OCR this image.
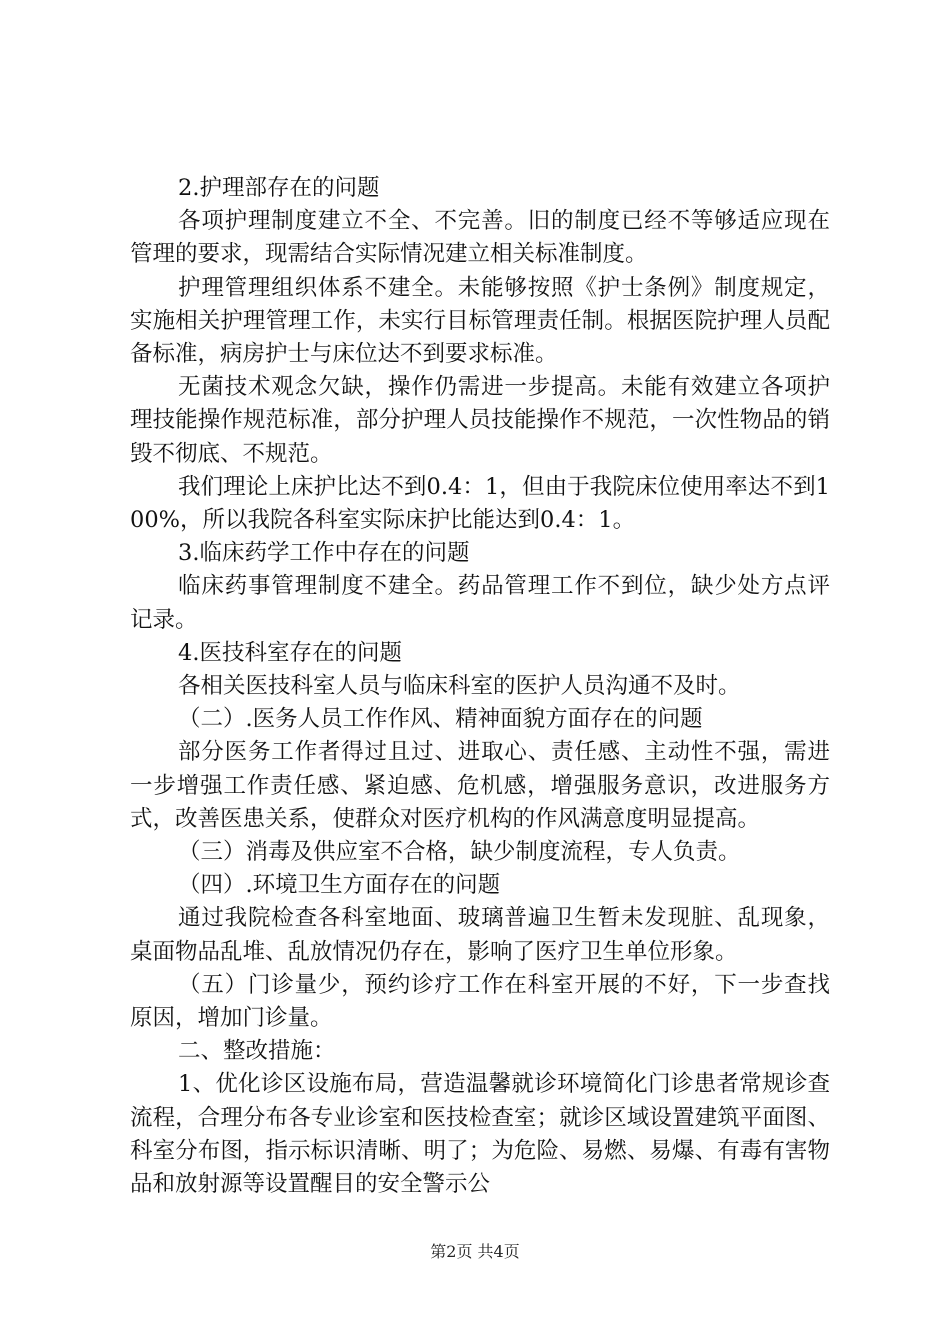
2.护理部存在的问题

各项护理制度建立不全、不完善。旧的制度已经不等够适应现在管理的要求，现需结合实际情况建立相关标准制度。

护理管理组织体系不建全。未能够按照《护士条例》制度规定，实施相关护理管理工作，未实行目标管理责任制。根据医院护理人员配备标准，病房护士与床位达不到要求标准。

无菌技术观念欠缺，操作仍需进一步提高。未能有效建立各项护理技能操作规范标准，部分护理人员技能操作不规范，一次性物品的销毁不彻底、不规范。

我们理论上床护比达不到0.4：1，但由于我院床位使用率达不到100%，所以我院各科室实际床护比能达到0.4：1。

3.临床药学工作中存在的问题

临床药事管理制度不建全。药品管理工作不到位，缺少处方点评记录。

4.医技科室存在的问题

各相关医技科室人员与临床科室的医护人员沟通不及时。

（二）.医务人员工作作风、精神面貌方面存在的问题

部分医务工作者得过且过、进取心、责任感、主动性不强，需进一步增强工作责任感、紧迫感、危机感，增强服务意识，改进服务方式，改善医患关系，使群众对医疗机构的作风满意度明显提高。

（三）消毒及供应室不合格，缺少制度流程，专人负责。

（四）.环境卫生方面存在的问题

通过我院检查各科室地面、玻璃普遍卫生暂未发现脏、乱现象，桌面物品乱堆、乱放情况仍存在，影响了医疗卫生单位形象。

（五）门诊量少，预约诊疗工作在科室开展的不好，下一步查找原因，增加门诊量。

二、整改措施：

1、优化诊区设施布局，营造温馨就诊环境简化门诊患者常规诊查流程，合理分布各专业诊室和医技检查室；就诊区域设置建筑平面图、科室分布图，指示标识清晰、明了；为危险、易燃、易爆、有毒有害物品和放射源等设置醒目的安全警示公

第2页 共4页
